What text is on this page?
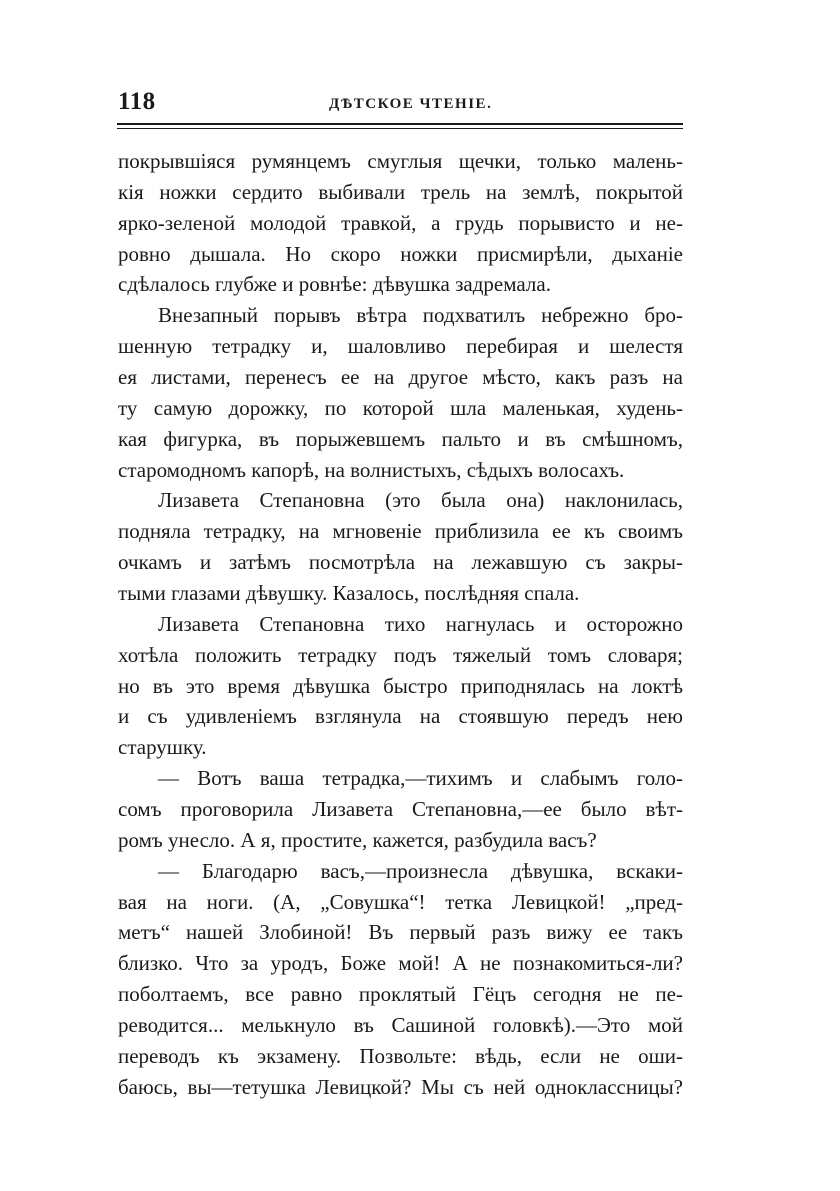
118	ДѢТСКОЕ ЧТЕНІЕ.
покрывшіяся румянцемъ смуглыя щечки, только малень-
кія ножки сердито выбивали трель на землѣ, покрытой
ярко-зеленой молодой травкой, а грудь порывисто и не-
ровно дышала. Но скоро ножки присмирѣли, дыханіе
сдѣлалось глубже и ровнѣе: дѣвушка задремала.
Внезапный порывъ вѣтра подхватилъ небрежно бро-
шенную тетрадку и, шаловливо перебирая и шелестя
ея листами, перенесъ ее на другое мѣсто, какъ разъ на
ту самую дорожку, по которой шла маленькая, худень-
кая фигурка, въ порыжевшемъ пальто и въ смѣшномъ,
старомодномъ капорѣ, на волнистыхъ, сѣдыхъ волосахъ.
Лизавета Степановна (это была она) наклонилась,
подняла тетрадку, на мгновеніе приблизила ее къ своимъ
очкамъ и затѣмъ посмотрѣла на лежавшую съ закры-
тыми глазами дѣвушку. Казалось, послѣдняя спала.
Лизавета Степановна тихо нагнулась и осторожно
хотѣла положить тетрадку подъ тяжелый томъ словаря;
но въ это время дѣвушка быстро приподнялась на локтѣ
и съ удивленіемъ взглянула на стоявшую передъ нею
старушку.
— Вотъ ваша тетрадка,—тихимъ и слабымъ голо-
сомъ проговорила Лизавета Степановна,—ее было вѣт-
ромъ унесло. А я, простите, кажется, разбудила васъ?
— Благодарю васъ,—произнесла дѣвушка, вскаки-
вая на ноги. (А, „Совушка“! тетка Левицкой! „пред-
метъ“ нашей Злобиной! Въ первый разъ вижу ее такъ
близко. Что за уродъ, Боже мой! А не познакомиться-ли?
поболтаемъ, все равно проклятый Гёцъ сегодня не пе-
реводится... мелькнуло въ Сашиной головкѣ).—Это мой
переводъ къ экзамену. Позвольте: вѣдь, если не оши-
баюсь, вы—тетушка Левицкой? Мы съ ней одноклассницы?
